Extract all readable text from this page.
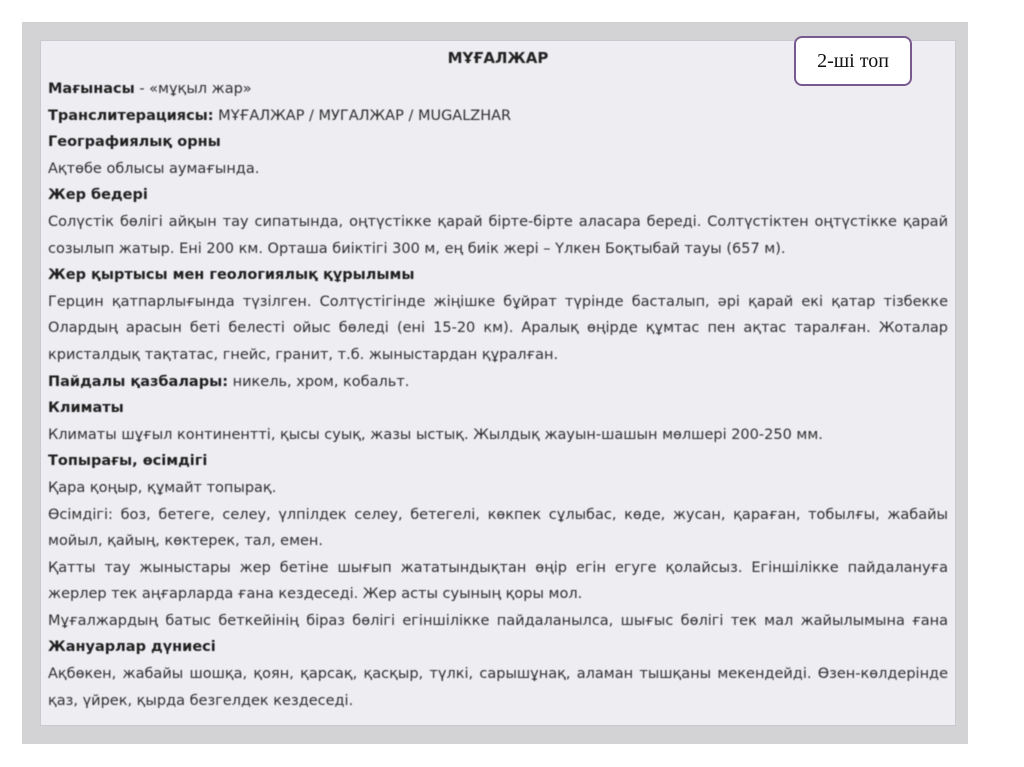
МҰҒАЛЖАР
Мағынасы - «мұқыл жар»
Транслитерациясы: МҰҒАЛЖАР / МУГАЛЖАР / MUGALZHAR
Географиялық орны
Ақтөбе облысы аумағында.
Жер бедері
Солүстік бөлігі айқын тау сипатында, оңтүстікке қарай бірте-бірте аласара береді. Солтүстіктен оңтүстікке қарай
созылып жатыр. Ені 200 км. Орташа биіктігі 300 м, ең биік жері – Үлкен Боқтыбай тауы (657 м).
Жер қыртысы мен геологиялық құрылымы
Герцин қатпарлығында түзілген. Солтүстігінде жіңішке бұйрат түрінде басталып, әрі қарай екі қатар тізбекке
Олардың арасын беті белесті ойыс бөледі (ені 15-20 км). Аралық өңірде құмтас пен ақтас таралған. Жоталар
кристалдық тақтатас, гнейс, гранит, т.б. жыныстардан құралған.
Пайдалы қазбалары: никель, хром, кобальт.
Климаты
Климаты шұғыл континентті, қысы суық, жазы ыстық. Жылдық жауын-шашын мөлшері 200-250 мм.
Топырағы, өсімдігі
Қара қоңыр, құмайт топырақ.
Өсімдігі: боз, бетеге, селеу, үлпілдек селеу, бетегелі, көкпек сұлыбас, көде, жусан, қараған, тобылғы, жабайы
мойыл, қайың, көктерек, тал, емен.
Қатты тау жыныстары жер бетіне шығып жататындықтан өңір егін егуге қолайсыз. Егіншілікке пайдалануға
жерлер тек аңғарларда ғана кездеседі. Жер асты суының қоры мол.
Мұғалжардың батыс беткейінің біраз бөлігі егіншілікке пайдаланылса, шығыс бөлігі тек мал жайылымына ғана
Жануарлар дүниесі
Ақбөкен, жабайы шошқа, қоян, қарсақ, қасқыр, түлкі, сарышұнақ, аламан тышқаны мекендейді. Өзен-көлдерінде
қаз, үйрек, қырда безгелдек кездеседі.
2-ші топ
